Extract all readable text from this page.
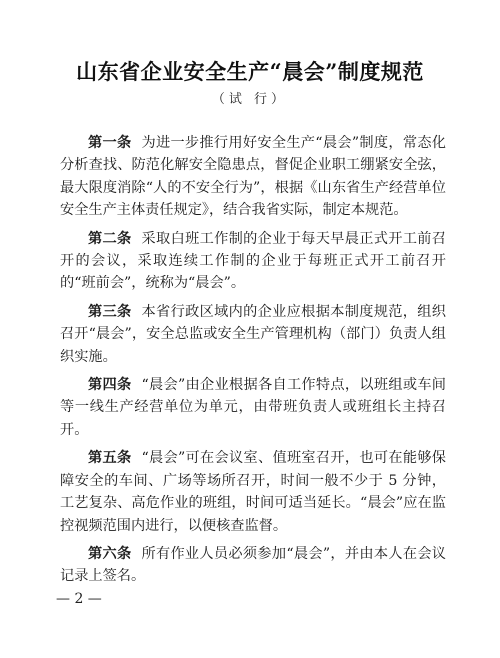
山东省企业安全生产“晨会”制度规范
（试 行）

第一条 为进一步推行用好安全生产“晨会”制度，常态化分析查找、防范化解安全隐患点，督促企业职工绷紧安全弦，最大限度消除“人的不安全行为”，根据《山东省生产经营单位安全生产主体责任规定》，结合我省实际，制定本规范。

第二条 采取白班工作制的企业于每天早晨正式开工前召开的会议，采取连续工作制的企业于每班正式开工前召开的“班前会”，统称为“晨会”。

第三条 本省行政区域内的企业应根据本制度规范，组织召开“晨会”，安全总监或安全生产管理机构（部门）负责人组织实施。

第四条 “晨会”由企业根据各自工作特点，以班组或车间等一线生产经营单位为单元，由带班负责人或班组长主持召开。

第五条 “晨会”可在会议室、值班室召开，也可在能够保障安全的车间、广场等场所召开，时间一般不少于 5 分钟，工艺复杂、高危作业的班组，时间可适当延长。“晨会”应在监控视频范围内进行，以便核查监督。

第六条 所有作业人员必须参加“晨会”，并由本人在会议记录上签名。

— 2 —
